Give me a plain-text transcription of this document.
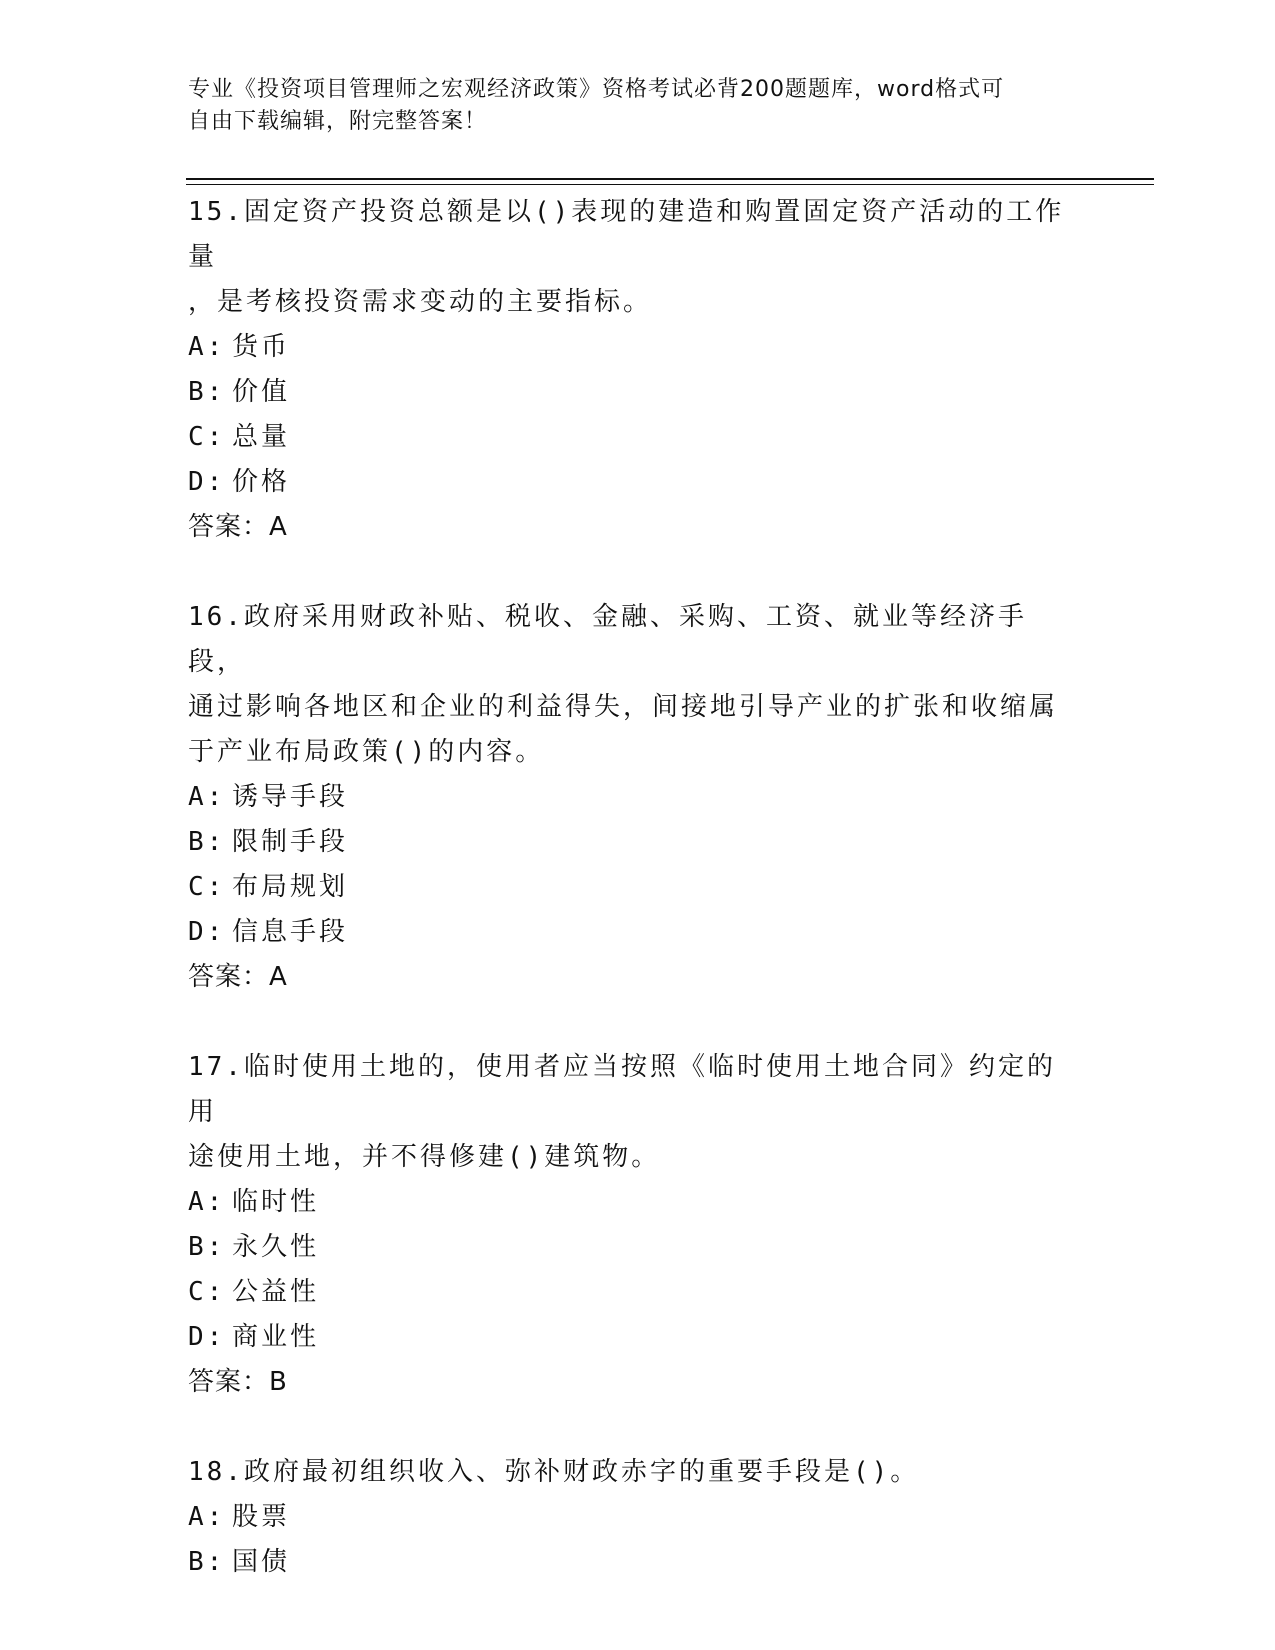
专业《投资项目管理师之宏观经济政策》资格考试必背200题题库，word格式可
自由下载编辑，附完整答案！

15.固定资产投资总额是以()表现的建造和购置固定资产活动的工作量

，是考核投资需求变动的主要指标。

A: 货币

B: 价值

C: 总量

D: 价格

答案：A

16.政府采用财政补贴、税收、金融、采购、工资、就业等经济手段，

通过影响各地区和企业的利益得失，间接地引导产业的扩张和收缩属

于产业布局政策()的内容。

A: 诱导手段

B: 限制手段

C: 布局规划

D: 信息手段

答案：A

17.临时使用土地的，使用者应当按照《临时使用土地合同》约定的用

途使用土地，并不得修建()建筑物。

A: 临时性

B: 永久性

C: 公益性

D: 商业性

答案：B

18.政府最初组织收入、弥补财政赤字的重要手段是()。

A: 股票

B: 国债
